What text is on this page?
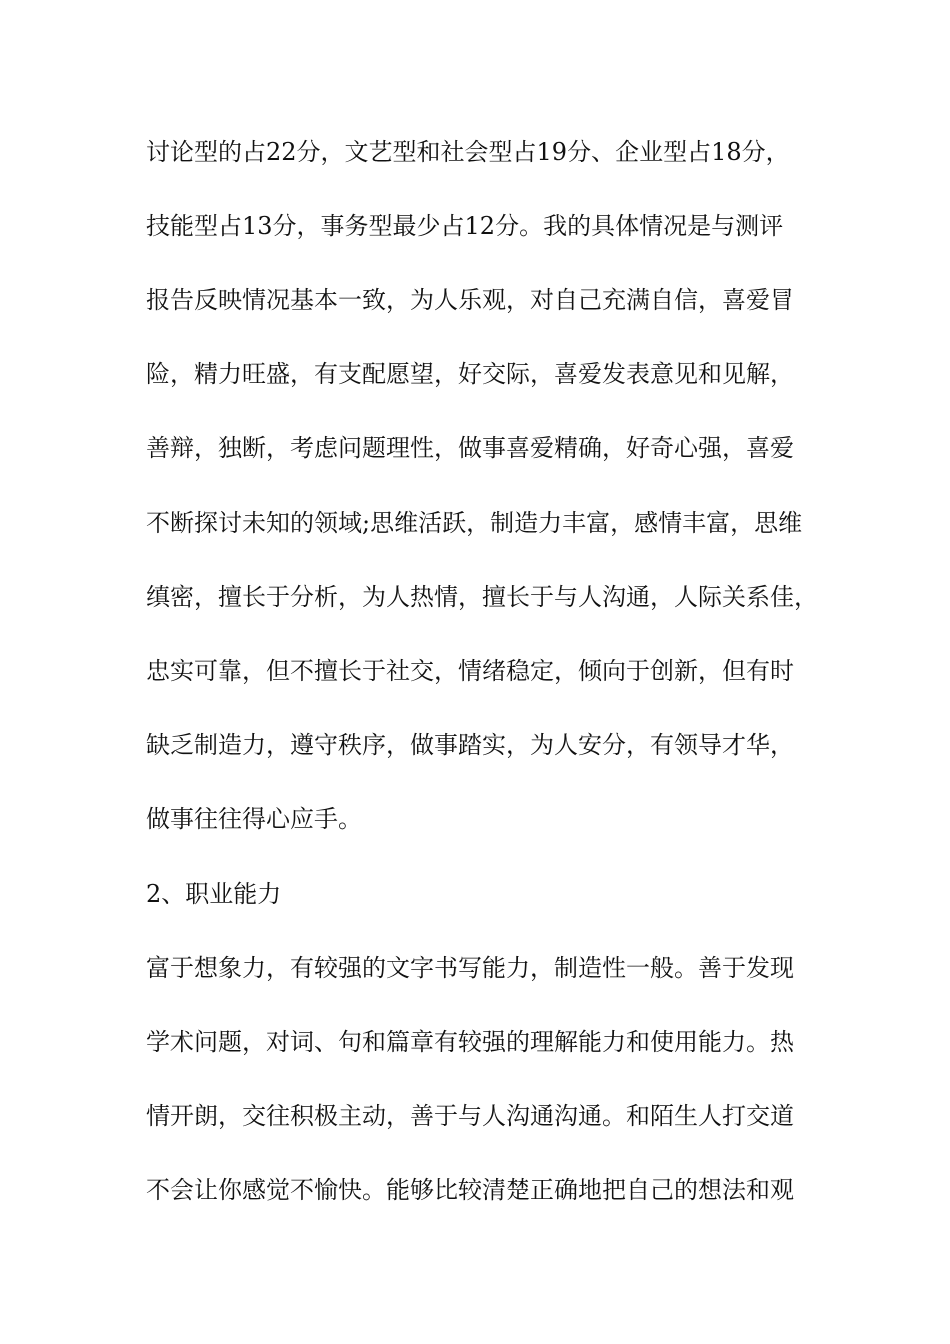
讨论型的占22分，文艺型和社会型占19分、企业型占18分，

技能型占13分，事务型最少占12分。我的具体情况是与测评

报告反映情况基本一致，为人乐观，对自己充满自信，喜爱冒

险，精力旺盛，有支配愿望，好交际，喜爱发表意见和见解，

善辩，独断，考虑问题理性，做事喜爱精确，好奇心强，喜爱

不断探讨未知的领域;思维活跃，制造力丰富，感情丰富，思维

缜密，擅长于分析，为人热情，擅长于与人沟通，人际关系佳，

忠实可靠，但不擅长于社交，情绪稳定，倾向于创新，但有时

缺乏制造力，遵守秩序，做事踏实，为人安分，有领导才华，

做事往往得心应手。

2、职业能力

富于想象力，有较强的文字书写能力，制造性一般。善于发现

学术问题，对词、句和篇章有较强的理解能力和使用能力。热

情开朗，交往积极主动，善于与人沟通沟通。和陌生人打交道

不会让你感觉不愉快。能够比较清楚正确地把自己的想法和观
